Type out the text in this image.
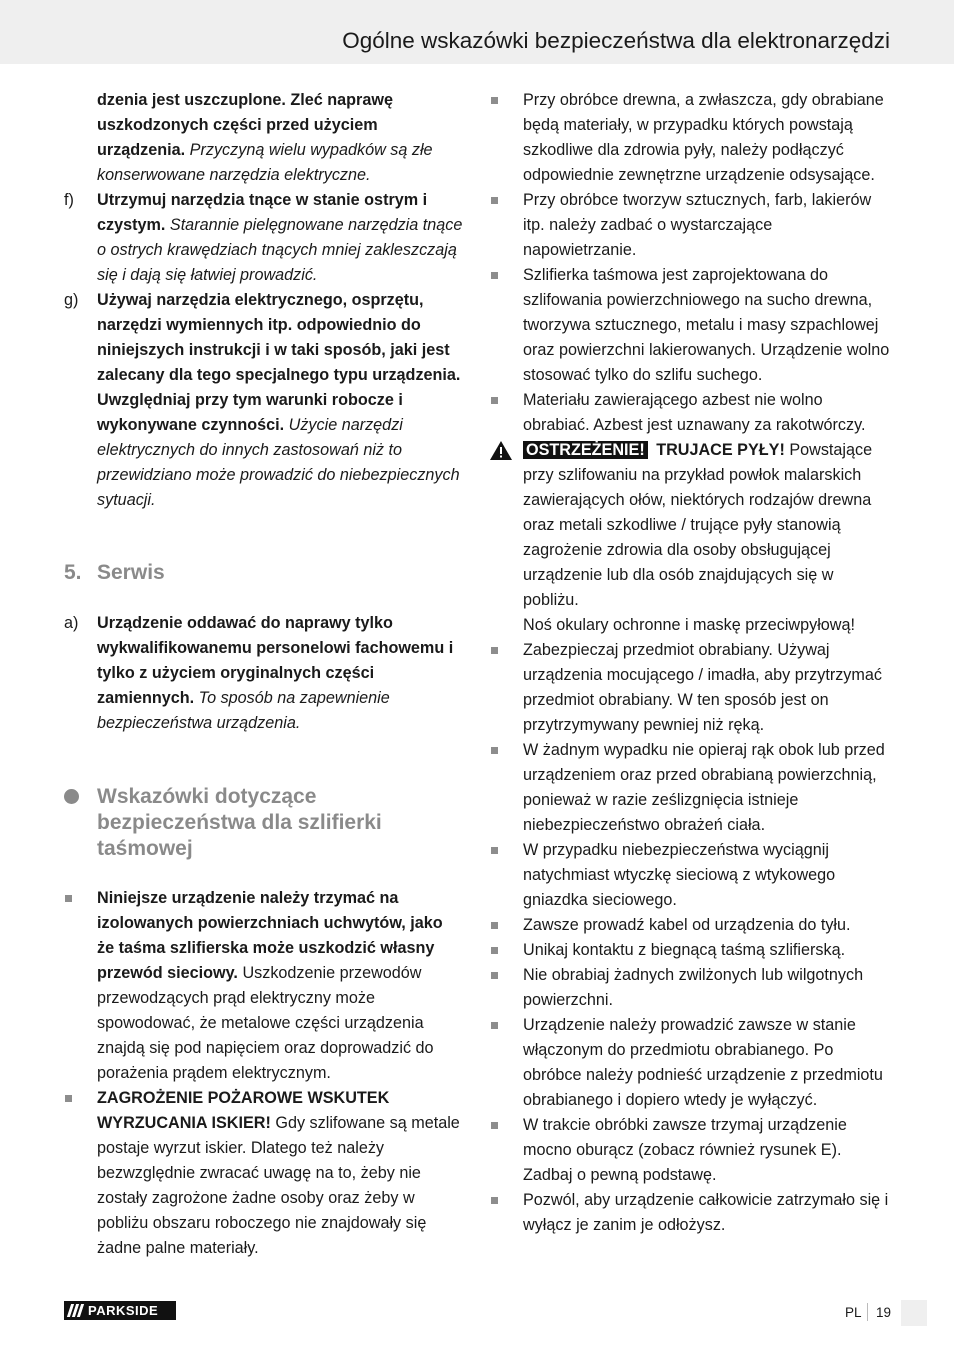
Ogólne wskazówki bezpieczeństwa dla elektronarzędzi
dzenia jest uszczuplone. Zleć naprawę uszkodzonych części przed użyciem urządzenia. Przyczyną wielu wypadków są złe konserwowane narzędzia elektryczne.
f) Utrzymuj narzędzia tnące w stanie ostrym i czystym. Starannie pielęgnowane narzędzia tnące o ostrych krawędziach tnących mniej zakleszczają się i dają się łatwiej prowadzić.
g) Używaj narzędzia elektrycznego, osprzętu, narzędzi wymiennych itp. odpowiednio do niniejszych instrukcji i w taki sposób, jaki jest zalecany dla tego specjalnego typu urządzenia. Uwzględniaj przy tym warunki robocze i wykonywane czynności. Użycie narzędzi elektrycznych do innych zastosowań niż to przewidziano może prowadzić do niebezpiecznych sytuacji.
5. Serwis
a) Urządzenie oddawać do naprawy tylko wykwalifikowanemu personelowi fachowemu i tylko z użyciem oryginalnych części zamiennych. To sposób na zapewnienie bezpieczeństwa urządzenia.
Wskazówki dotyczące bezpieczeństwa dla szlifierki taśmowej
Niniejsze urządzenie należy trzymać na izolowanych powierzchniach uchwytów, jako że taśma szlifierska może uszkodzić własny przewód sieciowy. Uszkodzenie przewodów przewodzących prąd elektryczny może spowodować, że metalowe części urządzenia znajdą się pod napięciem oraz doprowadzić do porażenia prądem elektrycznym.
ZAGROŻENIE POŻAROWE WSKUTEK WYRZUCANIA ISKIER! Gdy szlifowane są metale postaje wyrzut iskier. Dlatego też należy bezwzględnie zwracać uwagę na to, żeby nie zostały zagrożone żadne osoby oraz żeby w pobliżu obszaru roboczego nie znajdowały się żadne palne materiały.
Przy obróbce drewna, a zwłaszcza, gdy obrabiane będą materiały, w przypadku których powstają szkodliwe dla zdrowia pyły, należy podłączyć odpowiednie zewnętrzne urządzenie odsysające.
Przy obróbce tworzyw sztucznych, farb, lakierów itp. należy zadbać o wystarczające napowietrzanie.
Szlifierka taśmowa jest zaprojektowana do szlifowania powierzchniowego na sucho drewna, tworzywa sztucznego, metalu i masy szpachlowej oraz powierzchni lakierowanych. Urządzenie wolno stosować tylko do szlifu suchego.
Materiału zawierającego azbest nie wolno obrabiać. Azbest jest uznawany za rakotwórczy.
OSTRZEŻENIE! TRUJACE PYŁY! Powstające przy szlifowaniu na przykład powłok malarskich zawierających ołów, niektórych rodzajów drewna oraz metali szkodliwe / trujące pyły stanowią zagrożenie zdrowia dla osoby obsługującej urządzenie lub dla osób znajdujących się w pobliżu.
Noś okulary ochronne i maskę przeciwpyłową!
Zabezpieczaj przedmiot obrabiany. Używaj urządzenia mocującego / imadła, aby przytrzymać przedmiot obrabiany. W ten sposób jest on przytrzymywany pewniej niż ręką.
W żadnym wypadku nie opieraj rąk obok lub przed urządzeniem oraz przed obrabianą powierzchnią, ponieważ w razie ześlizgnięcia istnieje niebezpieczeństwo obrażeń ciała.
W przypadku niebezpieczeństwa wyciągnij natychmiast wtyczkę sieciową z wtykowego gniazdka sieciowego.
Zawsze prowadź kabel od urządzenia do tyłu.
Unikaj kontaktu z biegnącą taśmą szlifierską.
Nie obrabiaj żadnych zwilżonych lub wilgotnych powierzchni.
Urządzenie należy prowadzić zawsze w stanie włączonym do przedmiotu obrabianego. Po obróbce należy podnieść urządzenie z przedmiotu obrabianego i dopiero wtedy je wyłączyć.
W trakcie obróbki zawsze trzymaj urządzenie mocno oburącz (zobacz również rysunek E). Zadbaj o pewną podstawę.
Pozwól, aby urządzenie całkowicie zatrzymało się i wyłącz je zanim je odłożysz.
PARKSIDE	PL 19
